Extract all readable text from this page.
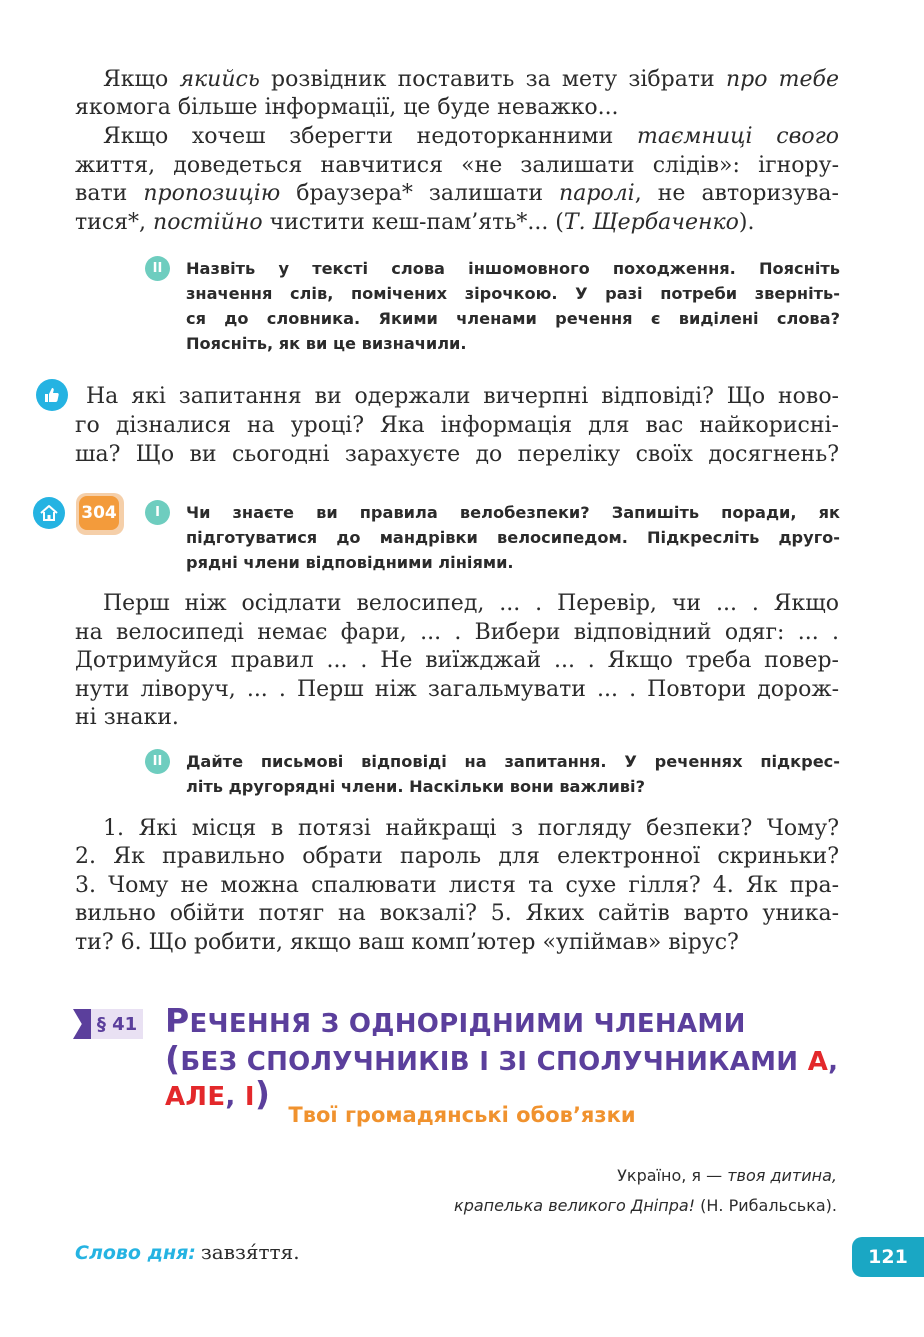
Якщо якийсь розвідник поставить за мету зібрати про тебе
якомога більше інформації, це буде неважко...
Якщо хочеш зберегти недоторканними таємниці свого
життя, доведеться навчитися «не залишати слідів»: ігнору-
вати пропозицію браузера* залишати паролі, не авторизува-
тися*, постійно чистити кеш-пам’ять*... (Т. Щербаченко).
II	Назвіть у тексті слова іншомовного походження. Поясніть
значення слів, помічених зірочкою. У разі потреби зверніть-
ся до словника. Якими членами речення є виділені слова?
Поясніть, як ви це визначили.
На які запитання ви одержали вичерпні відповіді? Що ново-
го дізналися на уроці? Яка інформація для вас найкорисні-
ша? Що ви сьогодні зарахуєте до переліку своїх досягнень?
304	I	Чи знаєте ви правила велобезпеки? Запишіть поради, як
підготуватися до мандрівки велосипедом. Підкресліть друго-
рядні члени відповідними лініями.
Перш ніж осідлати велосипед, ... . Перевір, чи ... . Якщо
на велосипеді немає фари, ... . Вибери відповідний одяг: ... .
Дотримуйся правил ... . Не виїжджай ... . Якщо треба повер-
нути ліворуч, ... . Перш ніж загальмувати ... . Повтори дорож-
ні знаки.
II	Дайте письмові відповіді на запитання. У реченнях підкрес-
літь другорядні члени. Наскільки вони важливі?
1. Які місця в потязі найкращі з погляду безпеки? Чому?
2. Як правильно обрати пароль для електронної скриньки?
3. Чому не можна спалювати листя та сухе гілля? 4. Як пра-
вильно обійти потяг на вокзалі? 5. Яких сайтів варто уника-
ти? 6. Що робити, якщо ваш комп’ютер «упіймав» вірус?
§ 41 РЕЧЕННЯ З ОДНОРІДНИМИ ЧЛЕНАМИ
(БЕЗ СПОЛУЧНИКІВ І ЗІ СПОЛУЧНИКАМИ А, АЛЕ, І)
Твої громадянські обов’язки
Україно, я — твоя дитина,
крапелька великого Дніпра! (Н. Рибальська).
Слово дня: завзя́ття.	121
